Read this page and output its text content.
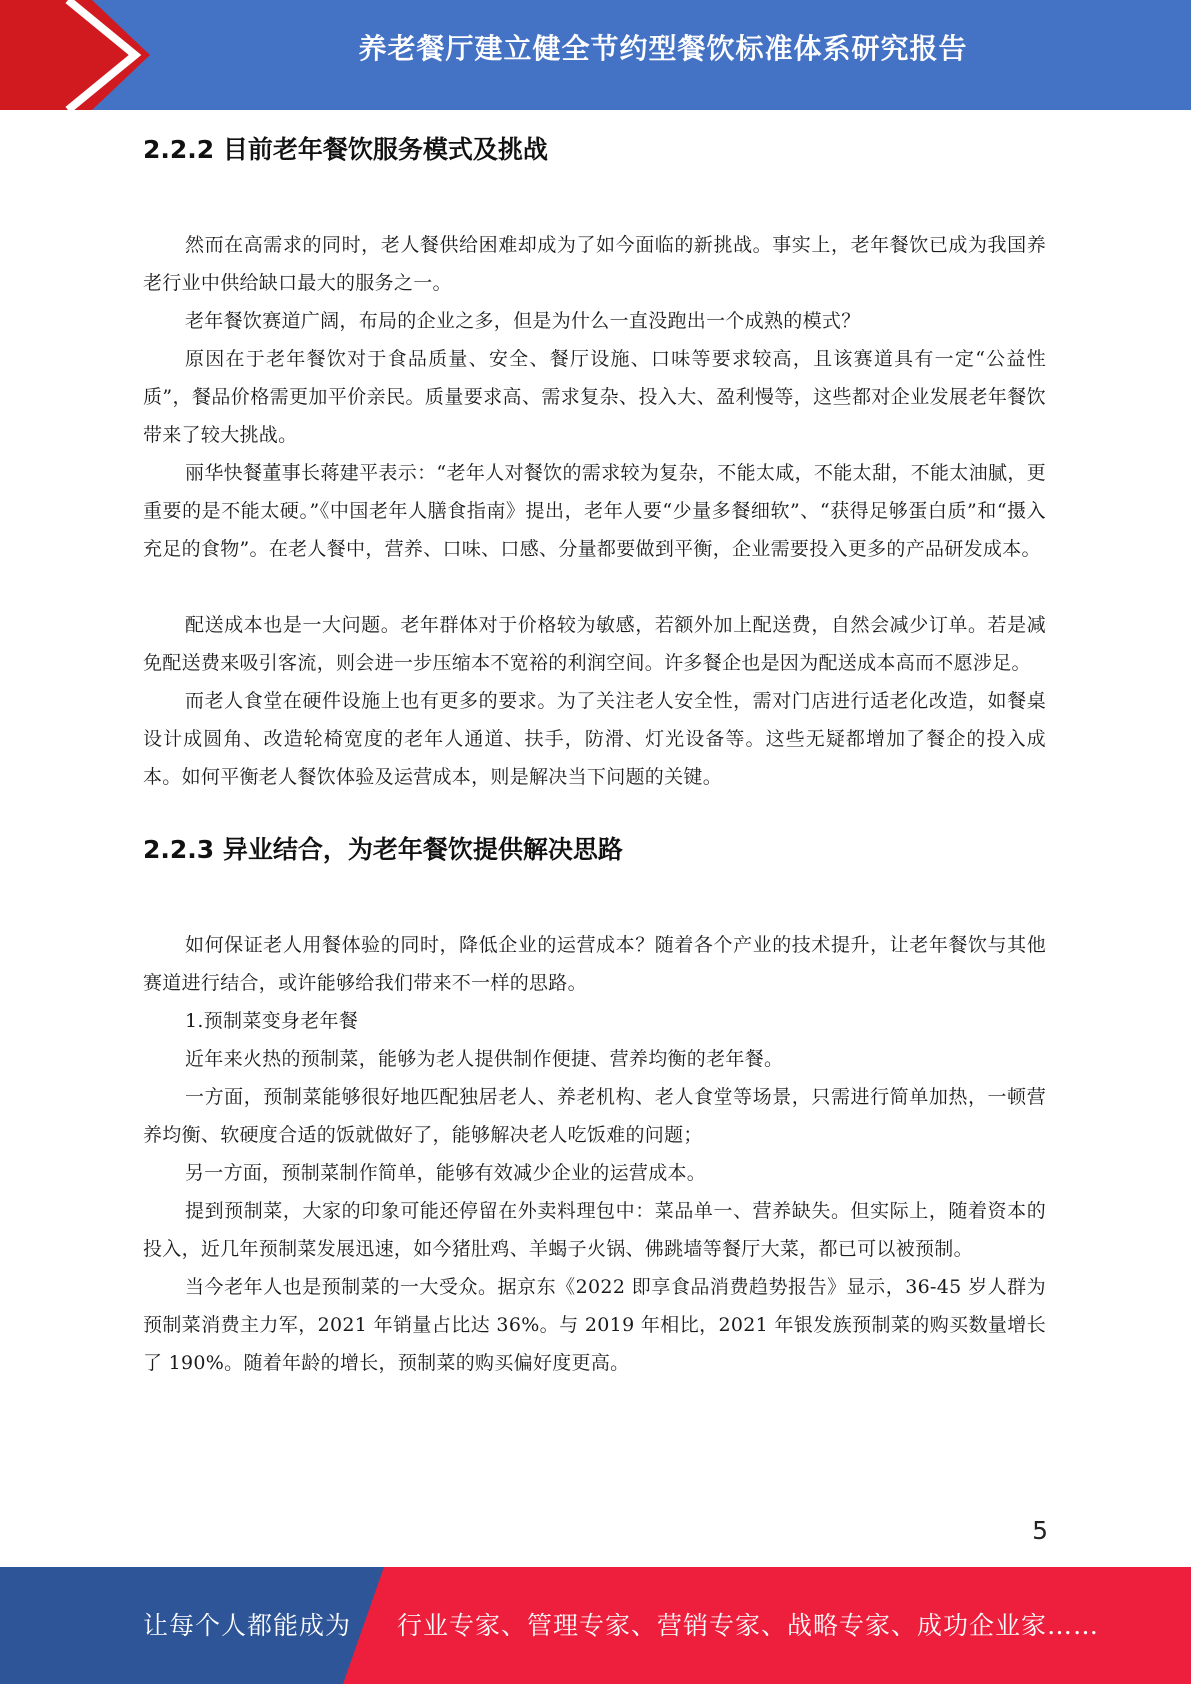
养老餐厅建立健全节约型餐饮标准体系研究报告
2.2.2 目前老年餐饮服务模式及挑战

然而在高需求的同时，老人餐供给困难却成为了如今面临的新挑战。事实上，老年餐饮已成为我国养老行业中供给缺口最大的服务之一。

老年餐饮赛道广阔，布局的企业之多，但是为什么一直没跑出一个成熟的模式？

原因在于老年餐饮对于食品质量、安全、餐厅设施、口味等要求较高，且该赛道具有一定“公益性质”，餐品价格需更加平价亲民。质量要求高、需求复杂、投入大、盈利慢等，这些都对企业发展老年餐饮带来了较大挑战。

丽华快餐董事长蒋建平表示：“老年人对餐饮的需求较为复杂，不能太咸，不能太甜，不能太油腻，更重要的是不能太硬。”《中国老年人膳食指南》提出，老年人要“少量多餐细软”、“获得足够蛋白质”和“摄入充足的食物”。在老人餐中，营养、口味、口感、分量都要做到平衡，企业需要投入更多的产品研发成本。

配送成本也是一大问题。老年群体对于价格较为敏感，若额外加上配送费，自然会减少订单。若是减免配送费来吸引客流，则会进一步压缩本不宽裕的利润空间。许多餐企也是因为配送成本高而不愿涉足。

而老人食堂在硬件设施上也有更多的要求。为了关注老人安全性，需对门店进行适老化改造，如餐桌设计成圆角、改造轮椅宽度的老年人通道、扶手，防滑、灯光设备等。这些无疑都增加了餐企的投入成本。如何平衡老人餐饮体验及运营成本，则是解决当下问题的关键。

2.2.3 异业结合，为老年餐饮提供解决思路

如何保证老人用餐体验的同时，降低企业的运营成本？随着各个产业的技术提升，让老年餐饮与其他赛道进行结合，或许能够给我们带来不一样的思路。

1.预制菜变身老年餐

近年来火热的预制菜，能够为老人提供制作便捷、营养均衡的老年餐。

一方面，预制菜能够很好地匹配独居老人、养老机构、老人食堂等场景，只需进行简单加热，一顿营养均衡、软硬度合适的饭就做好了，能够解决老人吃饭难的问题；

另一方面，预制菜制作简单，能够有效减少企业的运营成本。

提到预制菜，大家的印象可能还停留在外卖料理包中：菜品单一、营养缺失。但实际上，随着资本的投入，近几年预制菜发展迅速，如今猪肚鸡、羊蝎子火锅、佛跳墙等餐厅大菜，都已可以被预制。

当今老年人也是预制菜的一大受众。据京东《2022 即享食品消费趋势报告》显示，36-45 岁人群为预制菜消费主力军，2021 年销量占比达 36%。与 2019 年相比，2021 年银发族预制菜的购买数量增长了 190%。随着年龄的增长，预制菜的购买偏好度更高。

5
让每个人都能成为 行业专家、管理专家、营销专家、战略专家、成功企业家……
